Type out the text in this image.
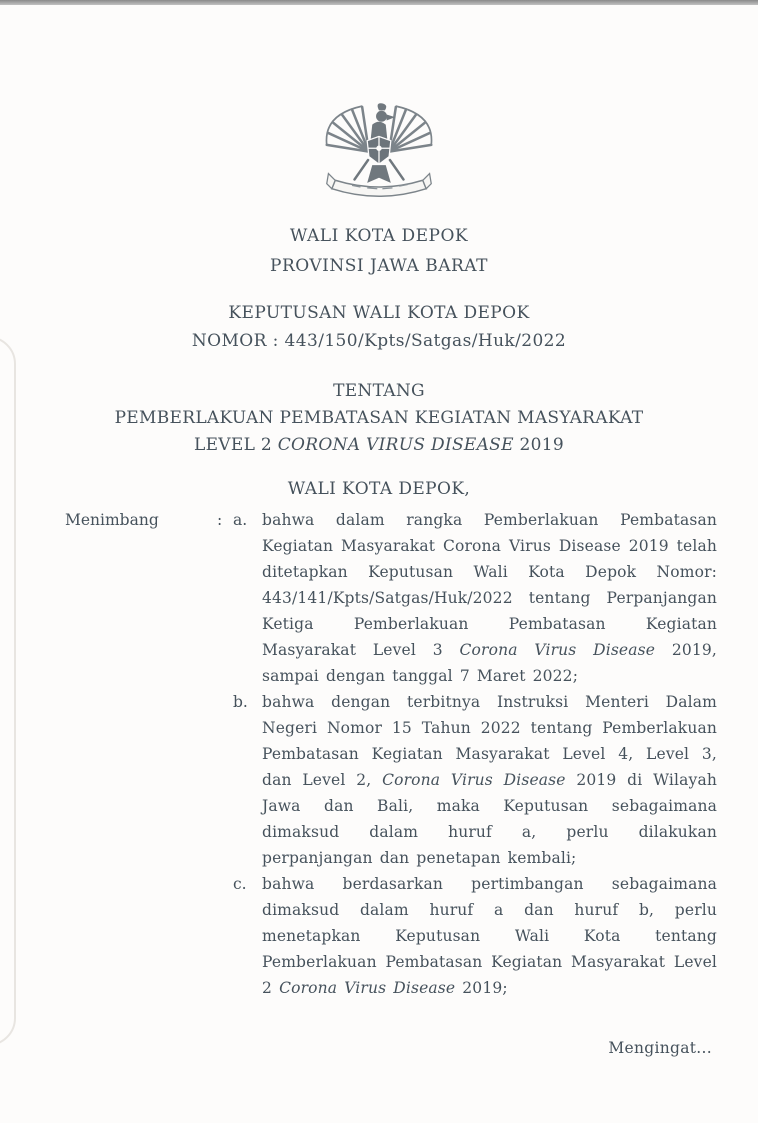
WALI KOTA DEPOK
PROVINSI JAWA BARAT
KEPUTUSAN WALI KOTA DEPOK
NOMOR : 443/150/Kpts/Satgas/Huk/2022
TENTANG
PEMBERLAKUAN PEMBATASAN KEGIATAN MASYARAKAT
LEVEL 2 CORONA VIRUS DISEASE 2019
WALI KOTA DEPOK,
Menimbang	: a. bahwa dalam rangka Pemberlakuan Pembatasan Kegiatan Masyarakat Corona Virus Disease 2019 telah ditetapkan Keputusan Wali Kota Depok Nomor: 443/141/Kpts/Satgas/Huk/2022 tentang Perpanjangan Ketiga Pemberlakuan Pembatasan Kegiatan Masyarakat Level 3 Corona Virus Disease 2019, sampai dengan tanggal 7 Maret 2022;
b. bahwa dengan terbitnya Instruksi Menteri Dalam Negeri Nomor 15 Tahun 2022 tentang Pemberlakuan Pembatasan Kegiatan Masyarakat Level 4, Level 3, dan Level 2, Corona Virus Disease 2019 di Wilayah Jawa dan Bali, maka Keputusan sebagaimana dimaksud dalam huruf a, perlu dilakukan perpanjangan dan penetapan kembali;
c. bahwa berdasarkan pertimbangan sebagaimana dimaksud dalam huruf a dan huruf b, perlu menetapkan Keputusan Wali Kota tentang Pemberlakuan Pembatasan Kegiatan Masyarakat Level 2 Corona Virus Disease 2019;
Mengingat...
